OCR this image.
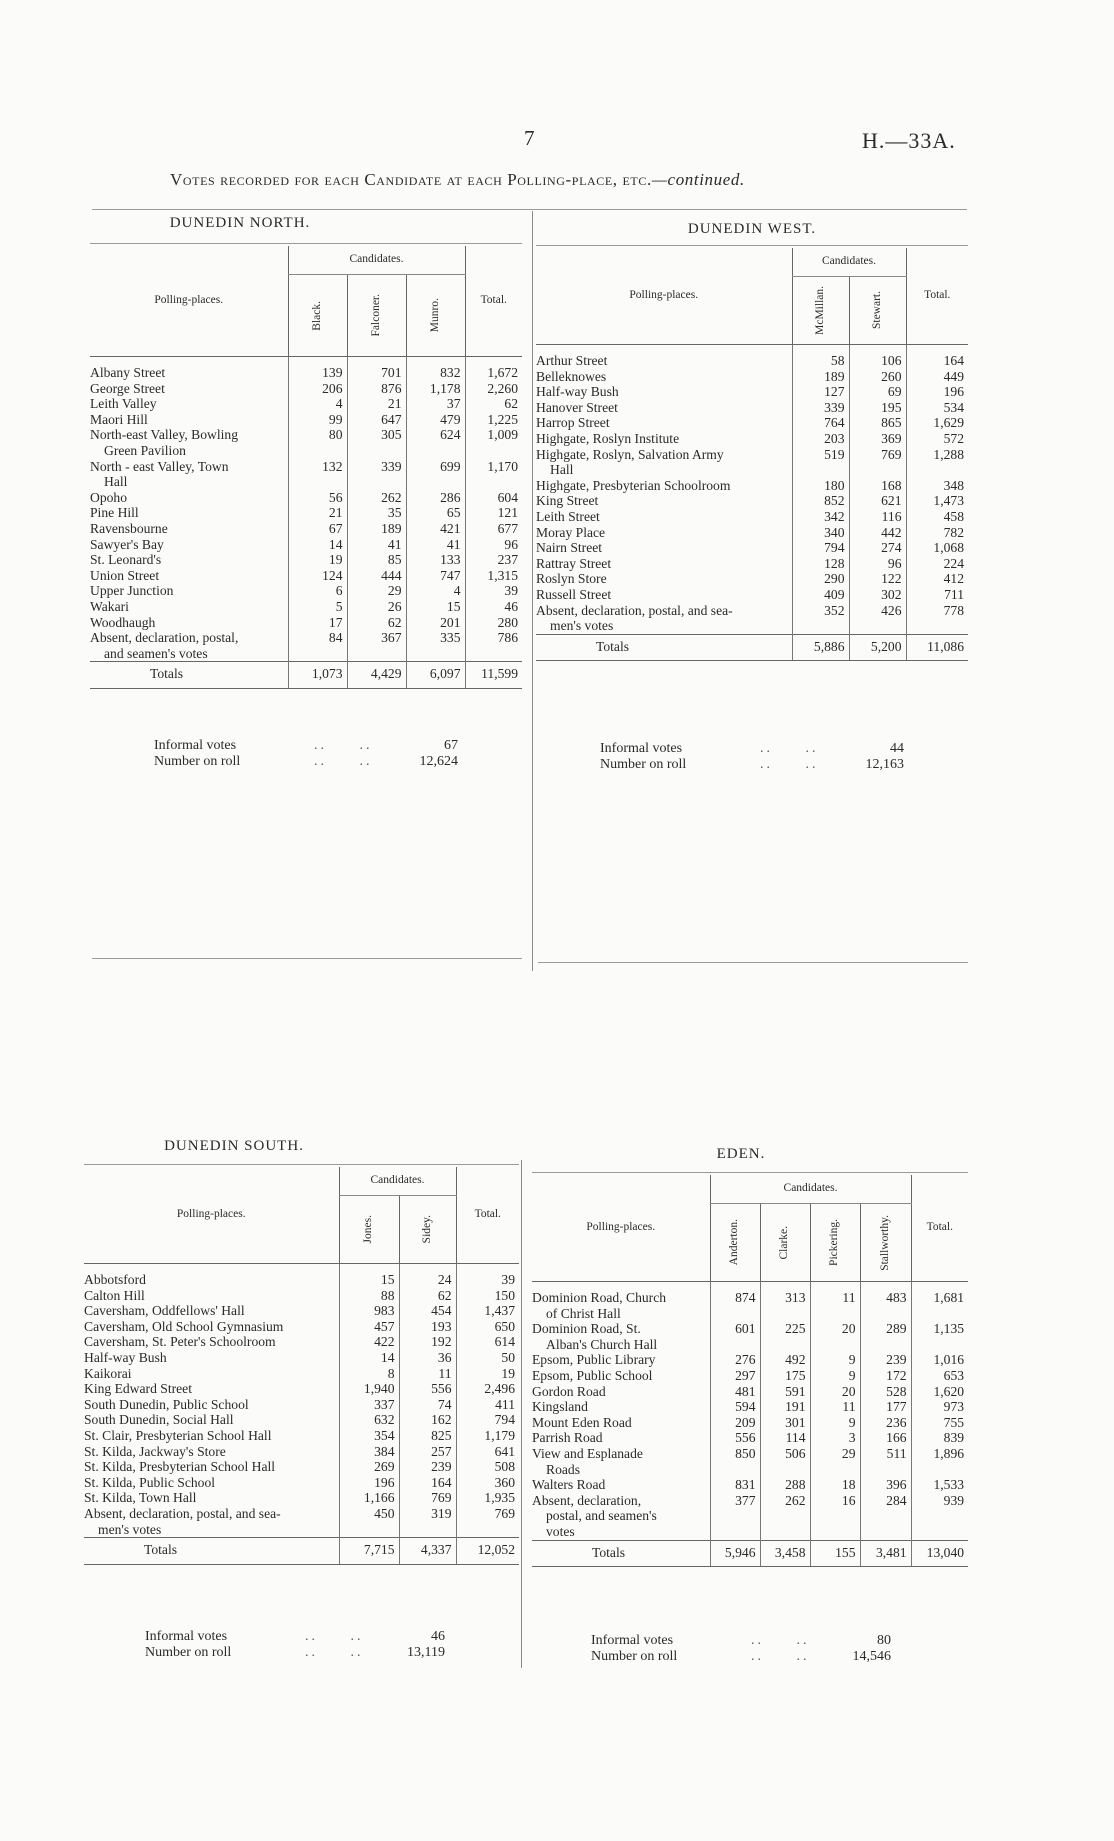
7	H.—33A.
Votes recorded for each Candidate at each Polling-place, etc.—continued.
DUNEDIN NORTH.
Polling-places.	Candidates.			Total.

	Black.	Falconer.	Munro.	

Albany Street	139	701	832	1,672

George Street	206	876	1,178	2,260

Leith Valley	4	21	37	62

Maori Hill	99	647	479	1,225

North-east Valley, Bowling
Green Pavilion	80	305	624	1,009

North - east Valley, Town
Hall	132	339	699	1,170

Opoho	56	262	286	604

Pine Hill	21	35	65	121

Ravensbourne	67	189	421	677

Sawyer's Bay	14	41	41	96

St. Leonard's	19	85	133	237

Union Street	124	444	747	1,315

Upper Junction	6	29	4	39

Wakari	5	26	15	46

Woodhaugh	17	62	201	280

Absent, declaration, postal,
and seamen's votes	84	367	335	786
Totals	1,073	4,429	6,097	11,599
DUNEDIN WEST.
Polling-places.	Candidates.		Total.

	McMillan.	Stewart.	

Arthur Street	58	106	164

Belleknowes	189	260	449

Half-way Bush	127	69	196

Hanover Street	339	195	534

Harrop Street	764	865	1,629

Highgate, Roslyn Institute	203	369	572

Highgate, Roslyn, Salvation Army
Hall	519	769	1,288

Highgate, Presbyterian Schoolroom	180	168	348

King Street	852	621	1,473

Leith Street	342	116	458

Moray Place	340	442	782

Nairn Street	794	274	1,068

Rattray Street	128	96	224

Roslyn Store	290	122	412

Russell Street	409	302	711

Absent, declaration, postal, and sea-
men's votes	352	426	778
Totals	5,886	5,200	11,086
DUNEDIN SOUTH.
Polling-places.	Candidates.		Total.

	Jones.	Sidey.	

Abbotsford	15	24	39

Calton Hill	88	62	150

Caversham, Oddfellows' Hall	983	454	1,437

Caversham, Old School Gymnasium	457	193	650

Caversham, St. Peter's Schoolroom	422	192	614

Half-way Bush	14	36	50

Kaikorai	8	11	19

King Edward Street	1,940	556	2,496

South Dunedin, Public School	337	74	411

South Dunedin, Social Hall	632	162	794

St. Clair, Presbyterian School Hall	354	825	1,179

St. Kilda, Jackway's Store	384	257	641

St. Kilda, Presbyterian School Hall	269	239	508

St. Kilda, Public School	196	164	360

St. Kilda, Town Hall	1,166	769	1,935

Absent, declaration, postal, and sea-
men's votes	450	319	769
Totals	7,715	4,337	12,052
EDEN.
Polling-places.	Candidates.				Total.

	Anderton.	Clarke.	Pickering.	Stallworthy.	

Dominion Road, Church
of Christ Hall	874	313	11	483	1,681

Dominion Road, St.
Alban's Church Hall	601	225	20	289	1,135

Epsom, Public Library	276	492	9	239	1,016

Epsom, Public School	297	175	9	172	653

Gordon Road	481	591	20	528	1,620

Kingsland	594	191	11	177	973

Mount Eden Road	209	301	9	236	755

Parrish Road	556	114	3	166	839

View and Esplanade
Roads	850	506	29	511	1,896

Walters Road	831	288	18	396	1,533

Absent, declaration,
postal, and seamen's
votes	377	262	16	284	939
Totals	5,946	3,458	155	3,481	13,040
Informal votes	..     ..	67
Number on roll	..     ..	12,624
Informal votes	..     ..	44
Number on roll	..     ..	12,163
Informal votes	..     ..	46
Number on roll	..     ..	13,119
Informal votes	..     ..	80
Number on roll	..     ..	14,546
